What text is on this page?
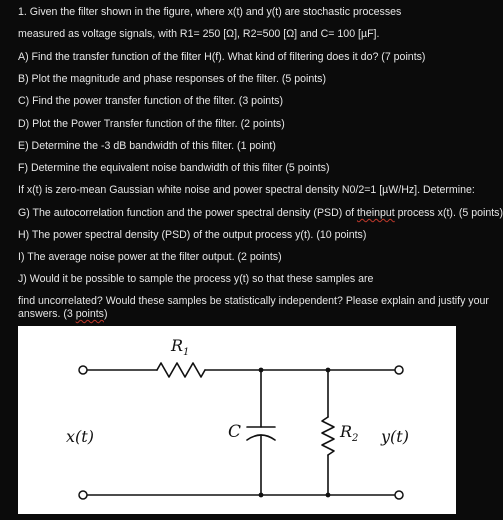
1. Given the filter shown in the figure, where x(t) and y(t) are stochastic processes
measured as voltage signals, with R1= 250 [Ω], R2=500 [Ω] and C= 100 [µF].
A) Find the transfer function of the filter H(f). What kind of filtering does it do? (7 points)
B) Plot the magnitude and phase responses of the filter. (5 points)
C) Find the power transfer function of the filter. (3 points)
D) Plot the Power Transfer function of the filter. (2 points)
E) Determine the -3 dB bandwidth of this filter. (1 point)
F) Determine the equivalent noise bandwidth of this filter (5 points)
If x(t) is zero-mean Gaussian white noise and power spectral density N0/2=1 [µW/Hz]. Determine:
G) The autocorrelation function and the power spectral density (PSD) of theinput process x(t). (5 points)
H) The power spectral density (PSD) of the output process y(t). (10 points)
I) The average noise power at the filter output. (2 points)
J) Would it be possible to sample the process y(t) so that these samples are
find uncorrelated? Would these samples be statistically independent? Please explain and justify your
answers. (3 points)
$R_1$
C	$R_2$
x(t)	y(t)
